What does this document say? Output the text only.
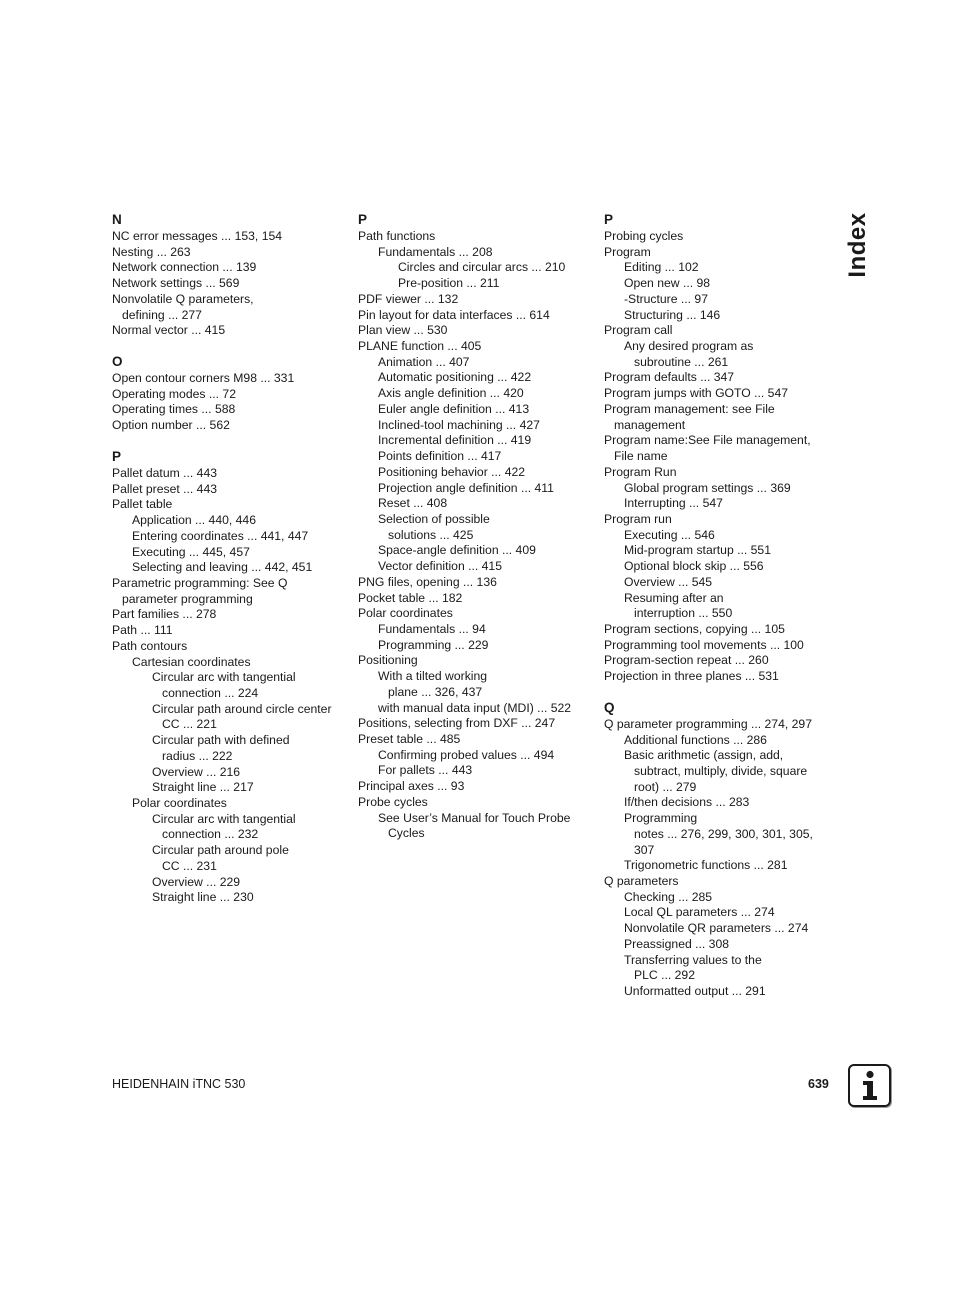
N
NC error messages ... 153, 154
Nesting ... 263
Network connection ... 139
Network settings ... 569
Nonvolatile Q parameters,
defining ... 277
Normal vector ... 415
O
Open contour corners M98 ... 331
Operating modes ... 72
Operating times ... 588
Option number ... 562
P
Pallet datum ... 443
Pallet preset ... 443
Pallet table
Application ... 440, 446
Entering coordinates ... 441, 447
Executing ... 445, 457
Selecting and leaving ... 442, 451
Parametric programming: See Q
parameter programming
Part families ... 278
Path ... 111
Path contours
Cartesian coordinates
Circular arc with tangential
connection ... 224
Circular path around circle center
CC ... 221
Circular path with defined
radius ... 222
Overview ... 216
Straight line ... 217
Polar coordinates
Circular arc with tangential
connection ... 232
Circular path around pole
CC ... 231
Overview ... 229
Straight line ... 230
P
Path functions
Fundamentals ... 208
Circles and circular arcs ... 210
Pre-position ... 211
PDF viewer ... 132
Pin layout for data interfaces ... 614
Plan view ... 530
PLANE function ... 405
Animation ... 407
Automatic positioning ... 422
Axis angle definition ... 420
Euler angle definition ... 413
Inclined-tool machining ... 427
Incremental definition ... 419
Points definition ... 417
Positioning behavior ... 422
Projection angle definition ... 411
Reset ... 408
Selection of possible
solutions ... 425
Space-angle definition ... 409
Vector definition ... 415
PNG files, opening ... 136
Pocket table ... 182
Polar coordinates
Fundamentals ... 94
Programming ... 229
Positioning
With a tilted working
plane ... 326, 437
with manual data input (MDI) ... 522
Positions, selecting from DXF ... 247
Preset table ... 485
Confirming probed values ... 494
For pallets ... 443
Principal axes ... 93
Probe cycles
See User’s Manual for Touch Probe
Cycles
P
Probing cycles
Program
Editing ... 102
Open new ... 98
-Structure ... 97
Structuring ... 146
Program call
Any desired program as
subroutine ... 261
Program defaults ... 347
Program jumps with GOTO ... 547
Program management: see File
management
Program name:See File management,
File name
Program Run
Global program settings ... 369
Interrupting ... 547
Program run
Executing ... 546
Mid-program startup ... 551
Optional block skip ... 556
Overview ... 545
Resuming after an
interruption ... 550
Program sections, copying ... 105
Programming tool movements ... 100
Program-section repeat ... 260
Projection in three planes ... 531
Q
Q parameter programming ... 274, 297
Additional functions ... 286
Basic arithmetic (assign, add,
subtract, multiply, divide, square
root) ... 279
If/then decisions ... 283
Programming
notes ... 276, 299, 300, 301, 305,
307
Trigonometric functions ... 281
Q parameters
Checking ... 285
Local QL parameters ... 274
Nonvolatile QR parameters ... 274
Preassigned ... 308
Transferring values to the
PLC ... 292
Unformatted output ... 291
Index
HEIDENHAIN iTNC 530	639
